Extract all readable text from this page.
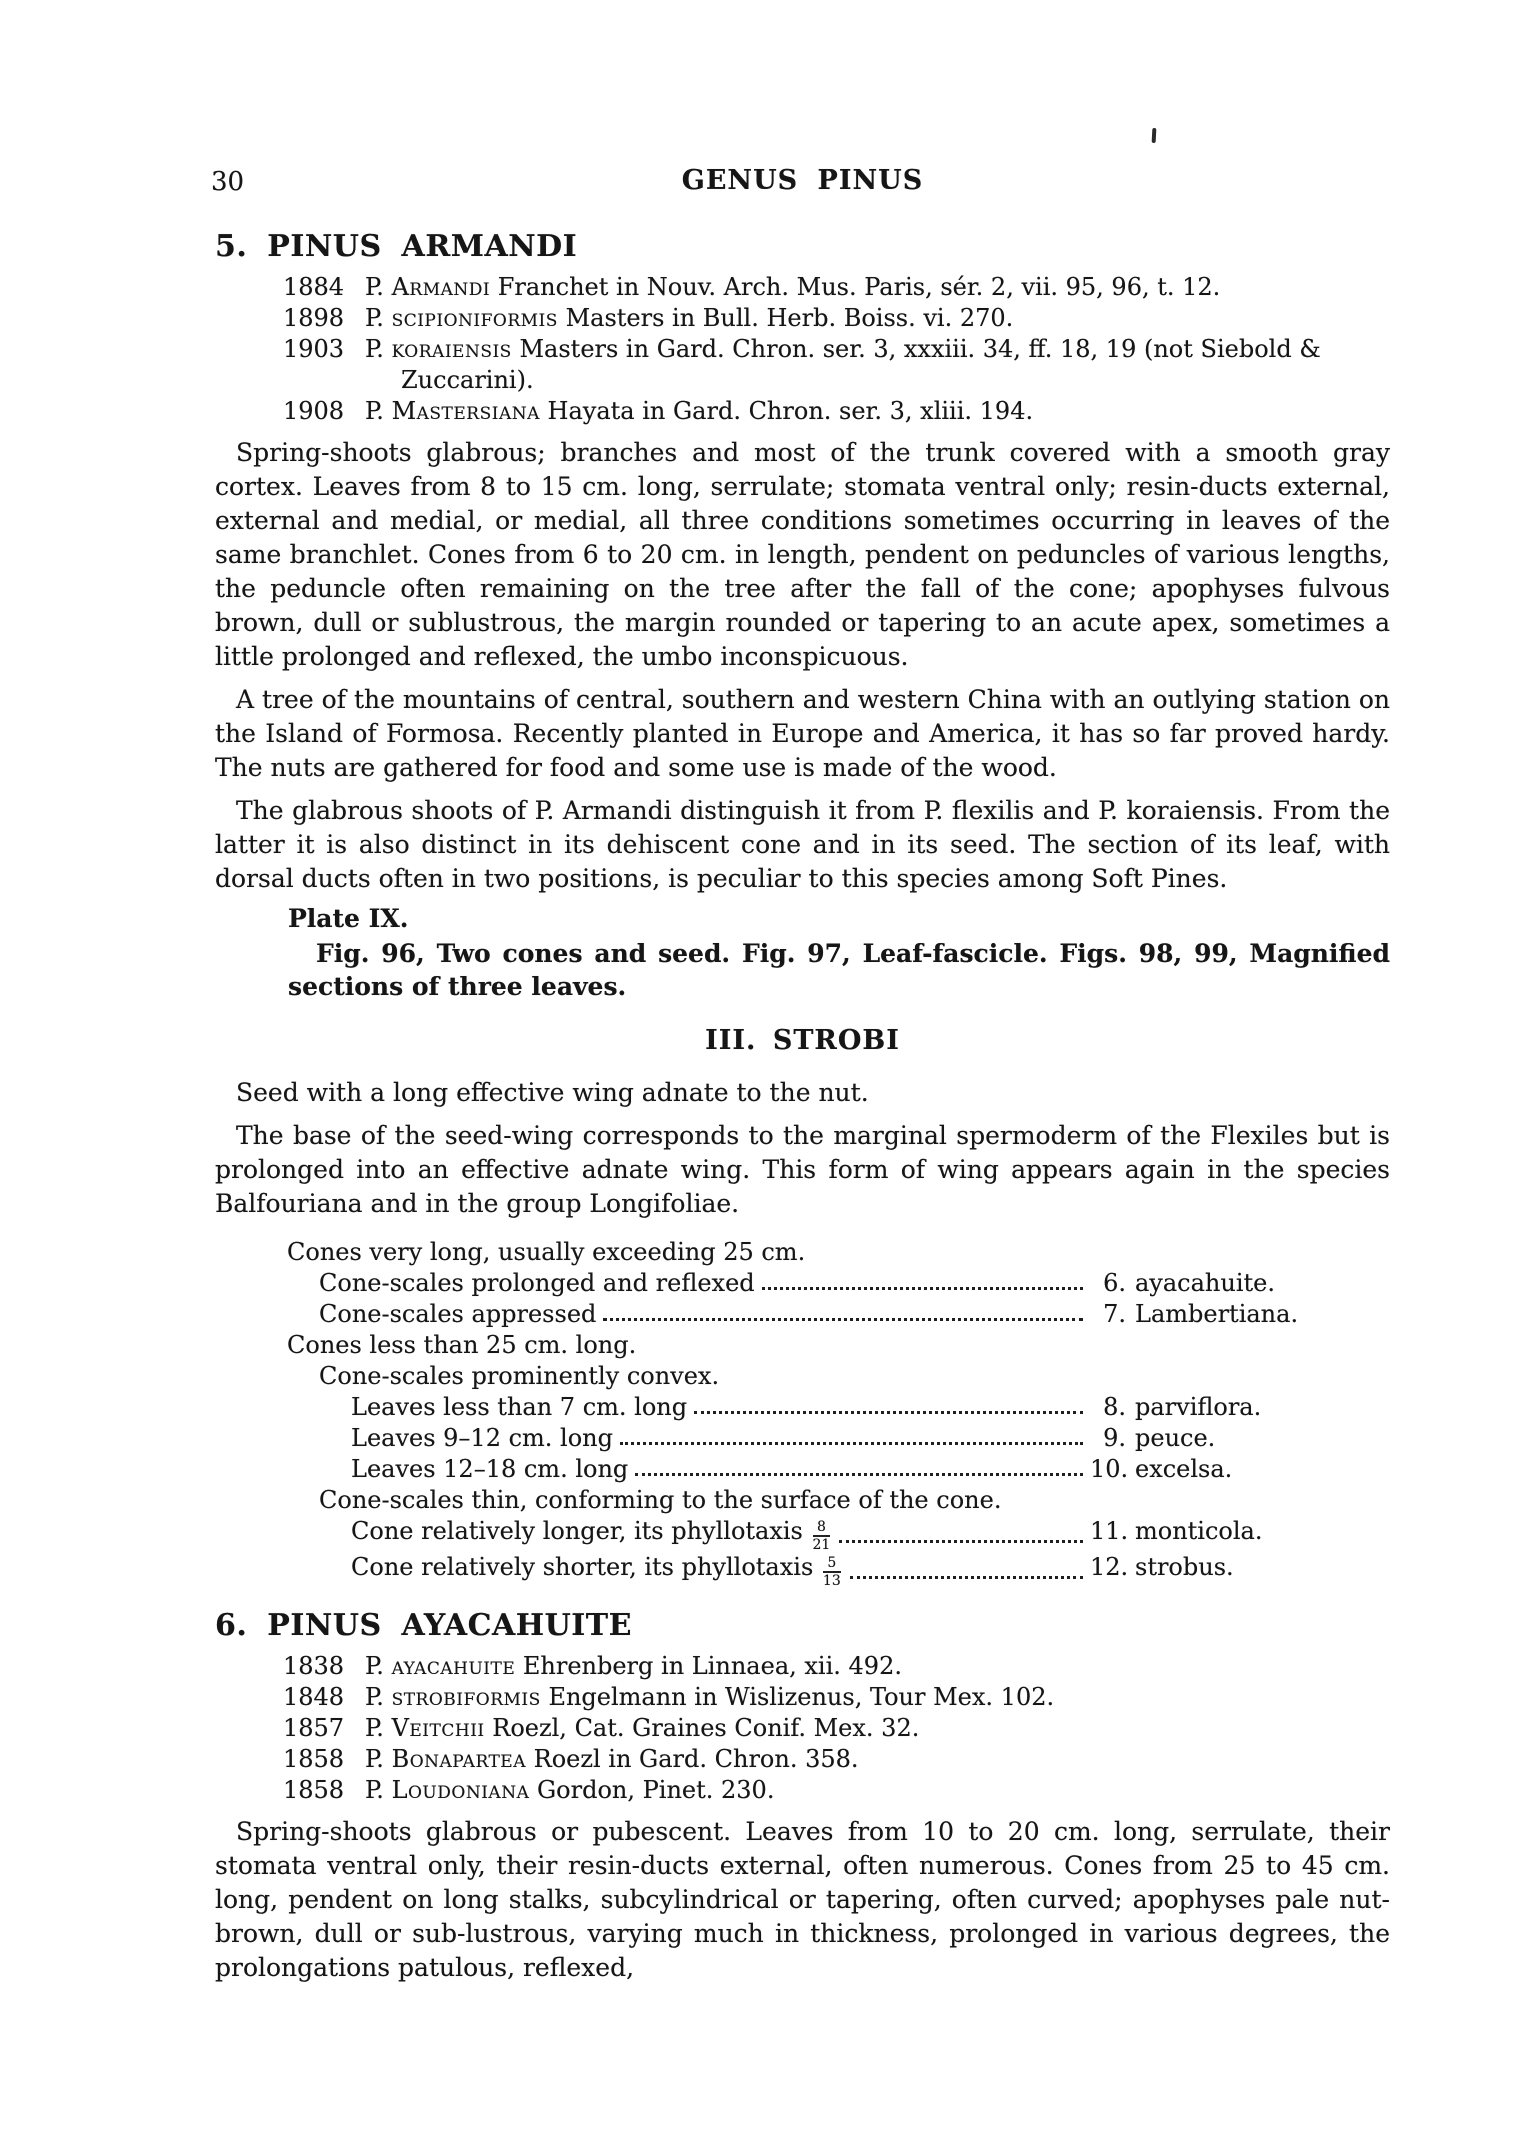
30	GENUS PINUS
5. PINUS ARMANDI
1884 P. Armandi Franchet in Nouv. Arch. Mus. Paris, sér. 2, vii. 95, 96, t. 12.
1898 P. scipioniformis Masters in Bull. Herb. Boiss. vi. 270.
1903 P. koraiensis Masters in Gard. Chron. ser. 3, xxxiii. 34, ff. 18, 19 (not Siebold & Zuccarini).
1908 P. Mastersiana Hayata in Gard. Chron. ser. 3, xliii. 194.

Spring-shoots glabrous; branches and most of the trunk covered with a smooth gray cortex. Leaves from 8 to 15 cm. long, serrulate; stomata ventral only; resin-ducts external, external and medial, or medial, all three conditions sometimes occurring in leaves of the same branchlet. Cones from 6 to 20 cm. in length, pendent on peduncles of various lengths, the peduncle often remaining on the tree after the fall of the cone; apophyses fulvous brown, dull or sublustrous, the margin rounded or tapering to an acute apex, sometimes a little prolonged and reflexed, the umbo inconspicuous.

A tree of the mountains of central, southern and western China with an outlying station on the Island of Formosa. Recently planted in Europe and America, it has so far proved hardy. The nuts are gathered for food and some use is made of the wood.

The glabrous shoots of P. Armandi distinguish it from P. flexilis and P. koraiensis. From the latter it is also distinct in its dehiscent cone and in its seed. The section of its leaf, with dorsal ducts often in two positions, is peculiar to this species among Soft Pines.

Plate IX.

Fig. 96, Two cones and seed. Fig. 97, Leaf-fascicle. Figs. 98, 99, Magnified sections of three leaves.

III. STROBI

Seed with a long effective wing adnate to the nut.

The base of the seed-wing corresponds to the marginal spermoderm of the Flexiles but is prolonged into an effective adnate wing. This form of wing appears again in the species Balfouriana and in the group Longifoliae.

Cones very long, usually exceeding 25 cm.
Cone-scales prolonged and reflexed	6. ayacahuite.
Cone-scales appressed	7. Lambertiana.
Cones less than 25 cm. long.
Cone-scales prominently convex.
Leaves less than 7 cm. long	8. parviflora.
Leaves 9–12 cm. long	9. peuce.
Leaves 12–18 cm. long	10. excelsa.
Cone-scales thin, conforming to the surface of the cone.
Cone relatively longer, its phyllotaxis $\frac{8}{21}$	11. monticola.
Cone relatively shorter, its phyllotaxis $\frac{5}{13}$	12. strobus.
6. PINUS AYACAHUITE
1838 P. ayacahuite Ehrenberg in Linnaea, xii. 492.
1848 P. strobiformis Engelmann in Wislizenus, Tour Mex. 102.
1857 P. Veitchii Roezl, Cat. Graines Conif. Mex. 32.
1858 P. Bonapartea Roezl in Gard. Chron. 358.
1858 P. Loudoniana Gordon, Pinet. 230.

Spring-shoots glabrous or pubescent. Leaves from 10 to 20 cm. long, serrulate, their stomata ventral only, their resin-ducts external, often numerous. Cones from 25 to 45 cm. long, pendent on long stalks, subcylindrical or tapering, often curved; apophyses pale nut-brown, dull or sub-lustrous, varying much in thickness, prolonged in various degrees, the prolongations patulous, reflexed,
